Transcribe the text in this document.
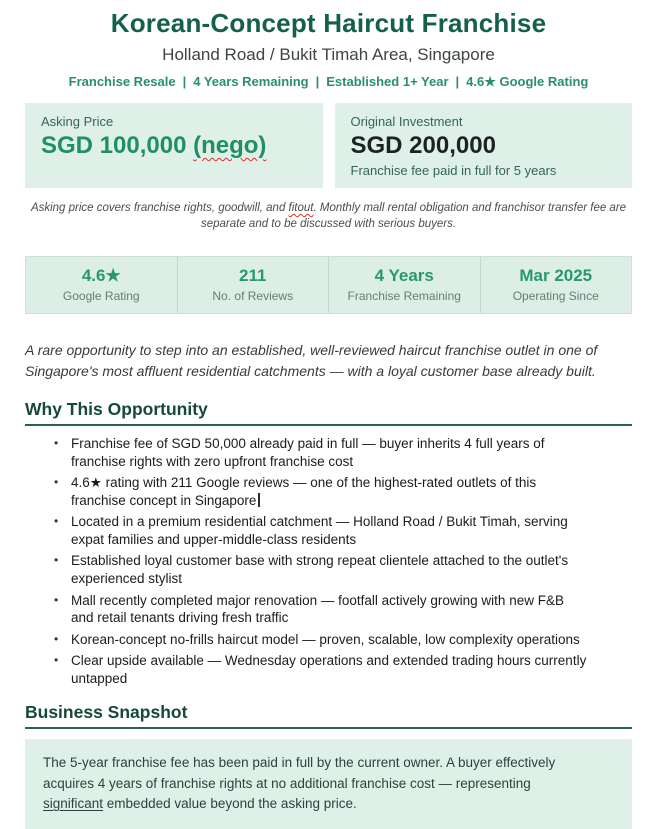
Korean-Concept Haircut Franchise
Holland Road / Bukit Timah Area, Singapore
Franchise Resale | 4 Years Remaining | Established 1+ Year | 4.6★ Google Rating
Asking Price
SGD 100,000 (nego)
Original Investment
SGD 200,000
Franchise fee paid in full for 5 years
Asking price covers franchise rights, goodwill, and fitout. Monthly mall rental obligation and franchisor transfer fee are separate and to be discussed with serious buyers.
4.6★
Google Rating
211
No. of Reviews
4 Years
Franchise Remaining
Mar 2025
Operating Since
A rare opportunity to step into an established, well-reviewed haircut franchise outlet in one of Singapore's most affluent residential catchments — with a loyal customer base already built.
Why This Opportunity
• Franchise fee of SGD 50,000 already paid in full — buyer inherits 4 full years of franchise rights with zero upfront franchise cost
• 4.6★ rating with 211 Google reviews — one of the highest-rated outlets of this franchise concept in Singapore
• Located in a premium residential catchment — Holland Road / Bukit Timah, serving expat families and upper-middle-class residents
• Established loyal customer base with strong repeat clientele attached to the outlet's experienced stylist
• Mall recently completed major renovation — footfall actively growing with new F&B and retail tenants driving fresh traffic
• Korean-concept no-frills haircut model — proven, scalable, low complexity operations
• Clear upside available — Wednesday operations and extended trading hours currently untapped
Business Snapshot
The 5-year franchise fee has been paid in full by the current owner. A buyer effectively acquires 4 years of franchise rights at no additional franchise cost — representing significant embedded value beyond the asking price.
